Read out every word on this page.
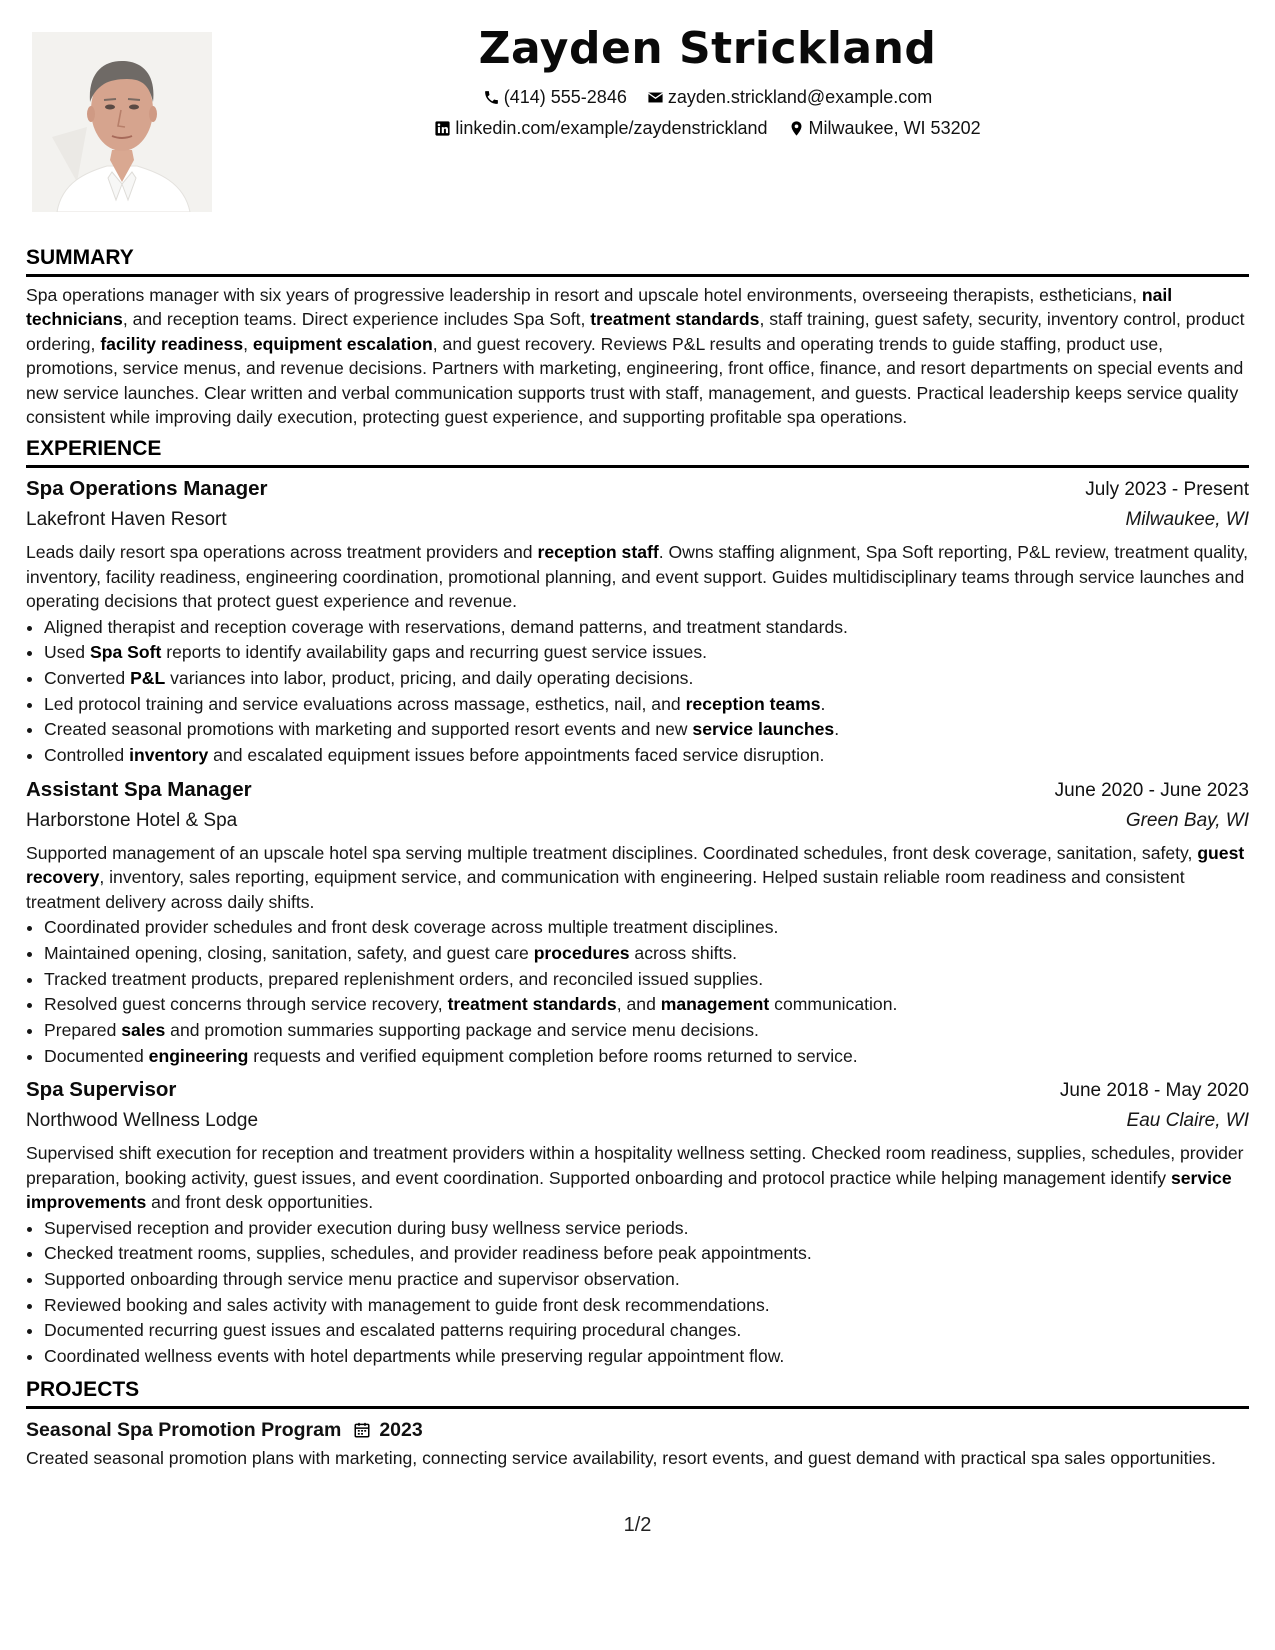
Zayden Strickland
(414) 555-2846 zayden.strickland@example.com
linkedin.com/example/zaydenstrickland Milwaukee, WI 53202
SUMMARY

Spa operations manager with six years of progressive leadership in resort and upscale hotel environments, overseeing therapists, estheticians, nail technicians, and reception teams. Direct experience includes Spa Soft, treatment standards, staff training, guest safety, security, inventory control, product ordering, facility readiness, equipment escalation, and guest recovery. Reviews P&L results and operating trends to guide staffing, product use, promotions, service menus, and revenue decisions. Partners with marketing, engineering, front office, finance, and resort departments on special events and new service launches. Clear written and verbal communication supports trust with staff, management, and guests. Practical leadership keeps service quality consistent while improving daily execution, protecting guest experience, and supporting profitable spa operations.

EXPERIENCE
Spa Operations Manager	July 2023 - Present
Lakefront Haven Resort	Milwaukee, WI

Leads daily resort spa operations across treatment providers and reception staff. Owns staffing alignment, Spa Soft reporting, P&L review, treatment quality, inventory, facility readiness, engineering coordination, promotional planning, and event support. Guides multidisciplinary teams through service launches and operating decisions that protect guest experience and revenue.

• Aligned therapist and reception coverage with reservations, demand patterns, and treatment standards.
• Used Spa Soft reports to identify availability gaps and recurring guest service issues.
• Converted P&L variances into labor, product, pricing, and daily operating decisions.
• Led protocol training and service evaluations across massage, esthetics, nail, and reception teams.
• Created seasonal promotions with marketing and supported resort events and new service launches.
• Controlled inventory and escalated equipment issues before appointments faced service disruption.
Assistant Spa Manager	June 2020 - June 2023
Harborstone Hotel & Spa	Green Bay, WI

Supported management of an upscale hotel spa serving multiple treatment disciplines. Coordinated schedules, front desk coverage, sanitation, safety, guest recovery, inventory, sales reporting, equipment service, and communication with engineering. Helped sustain reliable room readiness and consistent treatment delivery across daily shifts.

• Coordinated provider schedules and front desk coverage across multiple treatment disciplines.
• Maintained opening, closing, sanitation, safety, and guest care procedures across shifts.
• Tracked treatment products, prepared replenishment orders, and reconciled issued supplies.
• Resolved guest concerns through service recovery, treatment standards, and management communication.
• Prepared sales and promotion summaries supporting package and service menu decisions.
• Documented engineering requests and verified equipment completion before rooms returned to service.
Spa Supervisor	June 2018 - May 2020
Northwood Wellness Lodge	Eau Claire, WI

Supervised shift execution for reception and treatment providers within a hospitality wellness setting. Checked room readiness, supplies, schedules, provider preparation, booking activity, guest issues, and event coordination. Supported onboarding and protocol practice while helping management identify service improvements and front desk opportunities.

• Supervised reception and provider execution during busy wellness service periods.
• Checked treatment rooms, supplies, schedules, and provider readiness before peak appointments.
• Supported onboarding through service menu practice and supervisor observation.
• Reviewed booking and sales activity with management to guide front desk recommendations.
• Documented recurring guest issues and escalated patterns requiring procedural changes.
• Coordinated wellness events with hotel departments while preserving regular appointment flow.
PROJECTS
Seasonal Spa Promotion Program 2023

Created seasonal promotion plans with marketing, connecting service availability, resort events, and guest demand with practical spa sales opportunities.

1/2
